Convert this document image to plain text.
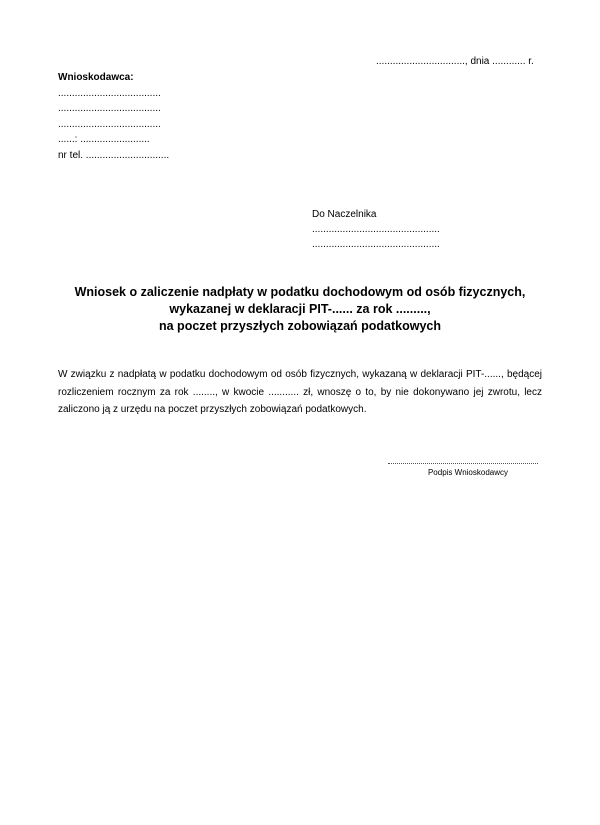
................................, dnia ............ r.
Wnioskodawca:
.....................................
.....................................
.....................................
......: .........................
nr tel. ..............................
Do Naczelnika
..............................................
..............................................
Wniosek o zaliczenie nadpłaty w podatku dochodowym od osób fizycznych,
wykazanej w deklaracji PIT-...... za rok .........,
na poczet przyszłych zobowiązań podatkowych
W związku z nadpłatą w podatku dochodowym od osób fizycznych, wykazaną w deklaracji PIT-......, będącej rozliczeniem rocznym za rok ........, w kwocie ........... zł, wnoszę o to, by nie dokonywano jej zwrotu, lecz zaliczono ją z urzędu na poczet przyszłych zobowiązań podatkowych.
Podpis Wnioskodawcy
